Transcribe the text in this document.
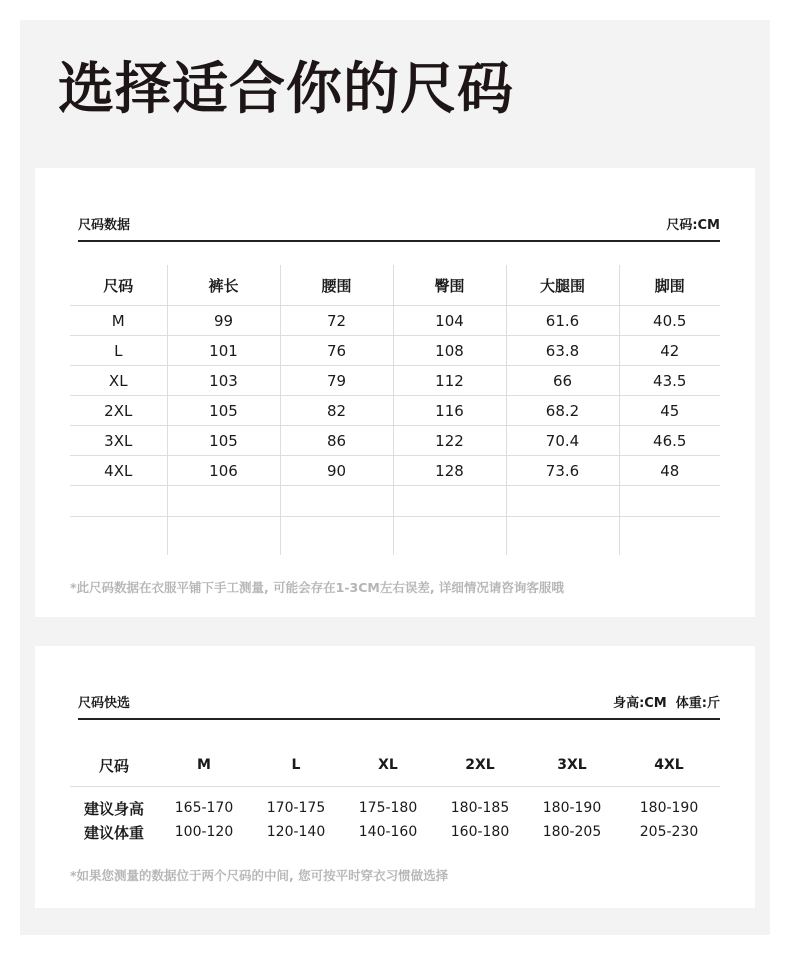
选择适合你的尺码
尺码数据	尺码:CM
尺码	裤长	腰围	臀围	大腿围	脚围
M	99	72	104	61.6	40.5
L	101	76	108	63.8	42
XL	103	79	112	66	43.5
2XL	105	82	116	68.2	45
3XL	105	86	122	70.4	46.5
4XL	106	90	128	73.6	48

*此尺码数据在衣服平铺下手工测量, 可能会存在1-3CM左右误差, 详细情况请咨询客服哦
尺码快选	身高:CM  体重:斤
尺码	M	L	XL	2XL	3XL	4XL
建议身高	165-170	170-175	175-180	180-185	180-190	180-190
建议体重	100-120	120-140	140-160	160-180	180-205	205-230
*如果您测量的数据位于两个尺码的中间, 您可按平时穿衣习惯做选择
